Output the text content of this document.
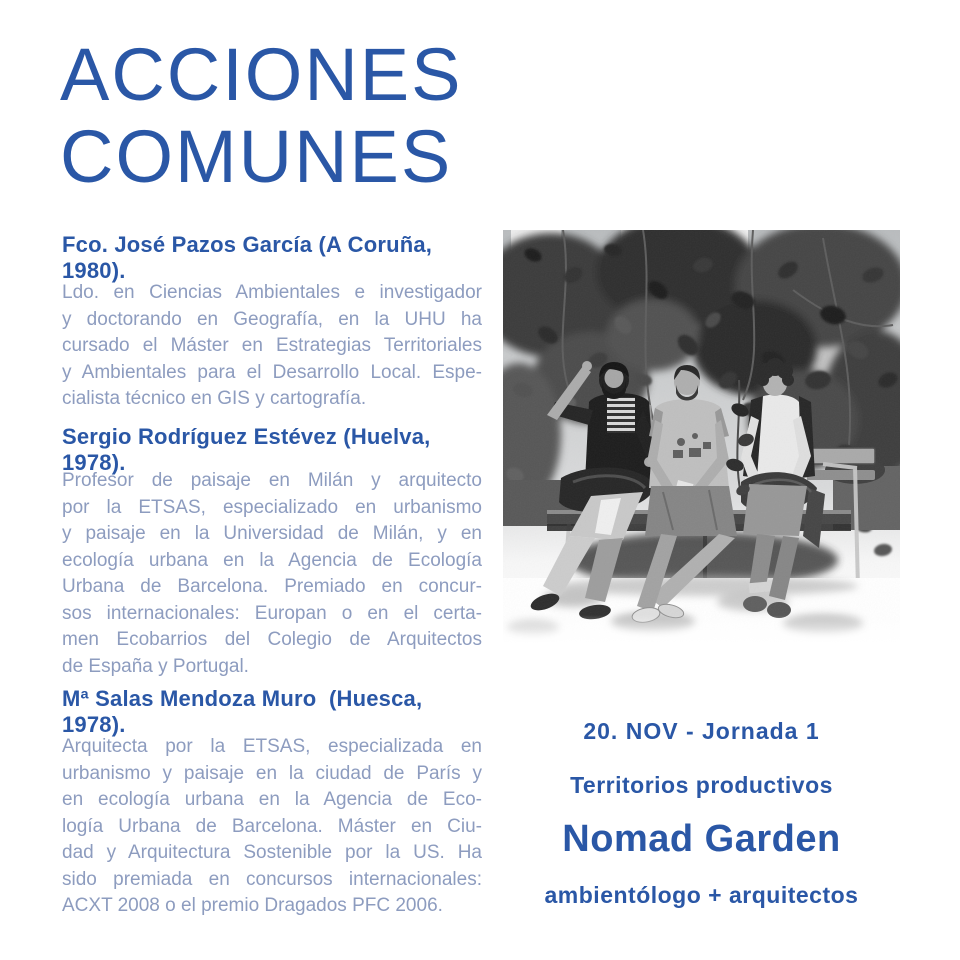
ACCIONES
COMUNES
Fco. José Pazos García (A Coruña, 1980).
Ldo. en Ciencias Ambientales e investigador
y doctorando en Geografía, en la UHU ha
cursado el Máster en Estrategias Territoriales
y Ambientales para el Desarrollo Local. Espe-
cialista técnico en GIS y cartografía.
Sergio Rodríguez Estévez (Huelva, 1978).
Profesor de paisaje en Milán y arquitecto
por la ETSAS, especializado en urbanismo
y paisaje en la Universidad de Milán, y en
ecología urbana en la Agencia de Ecología
Urbana de Barcelona. Premiado en concur-
sos internacionales: Europan o en el certa-
men Ecobarrios del Colegio de Arquitectos
de España y Portugal.
Mª Salas Mendoza Muro  (Huesca, 1978).
Arquitecta por la ETSAS, especializada en
urbanismo y paisaje en la ciudad de París y
en ecología urbana en la Agencia de Eco-
logía Urbana de Barcelona. Máster en Ciu-
dad y Arquitectura Sostenible por la US. Ha
sido premiada en concursos internacionales:
ACXT 2008 o el premio Dragados PFC 2006.
20. NOV - Jornada 1
Territorios productivos
Nomad Garden
ambientólogo + arquitectos
